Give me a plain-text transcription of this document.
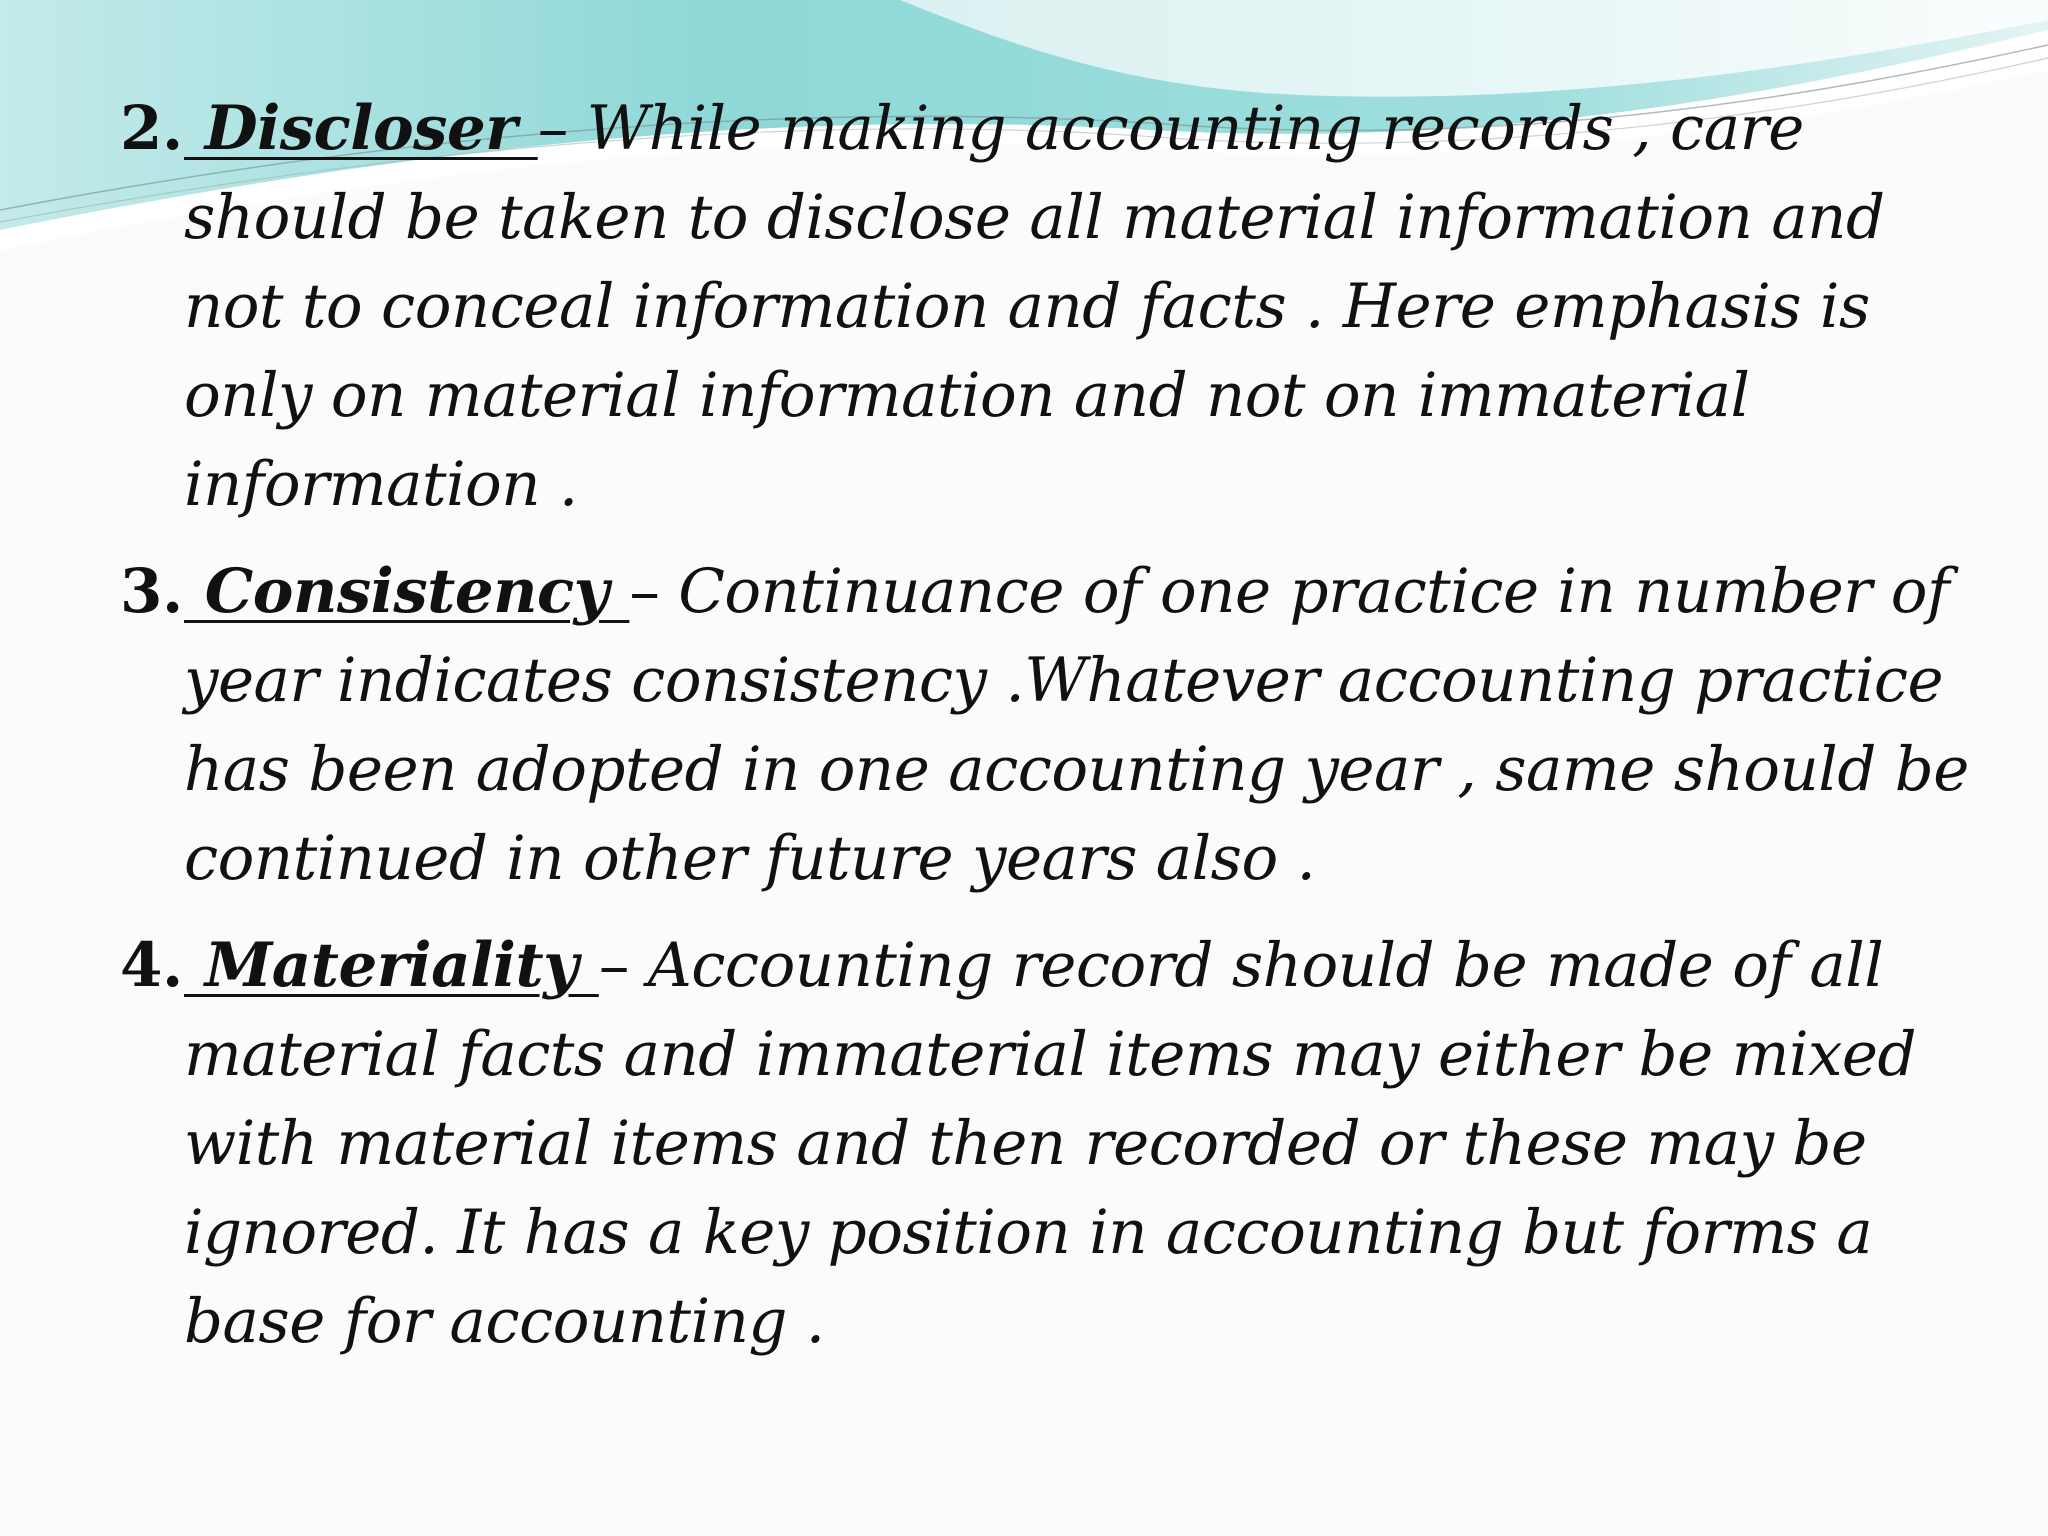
2. Discloser – While making accounting records , care should be taken to disclose all material information and not to conceal information and facts . Here emphasis is only on material information and not on immaterial information .
3. Consistency – Continuance of one practice in number of year indicates consistency .Whatever accounting practice has been adopted in one accounting year , same should be continued in other future years also .
4. Materiality – Accounting record should be made of all material facts and immaterial items may either be mixed with material items and then recorded or these may be ignored. It has a key position in accounting but forms a base for accounting .
